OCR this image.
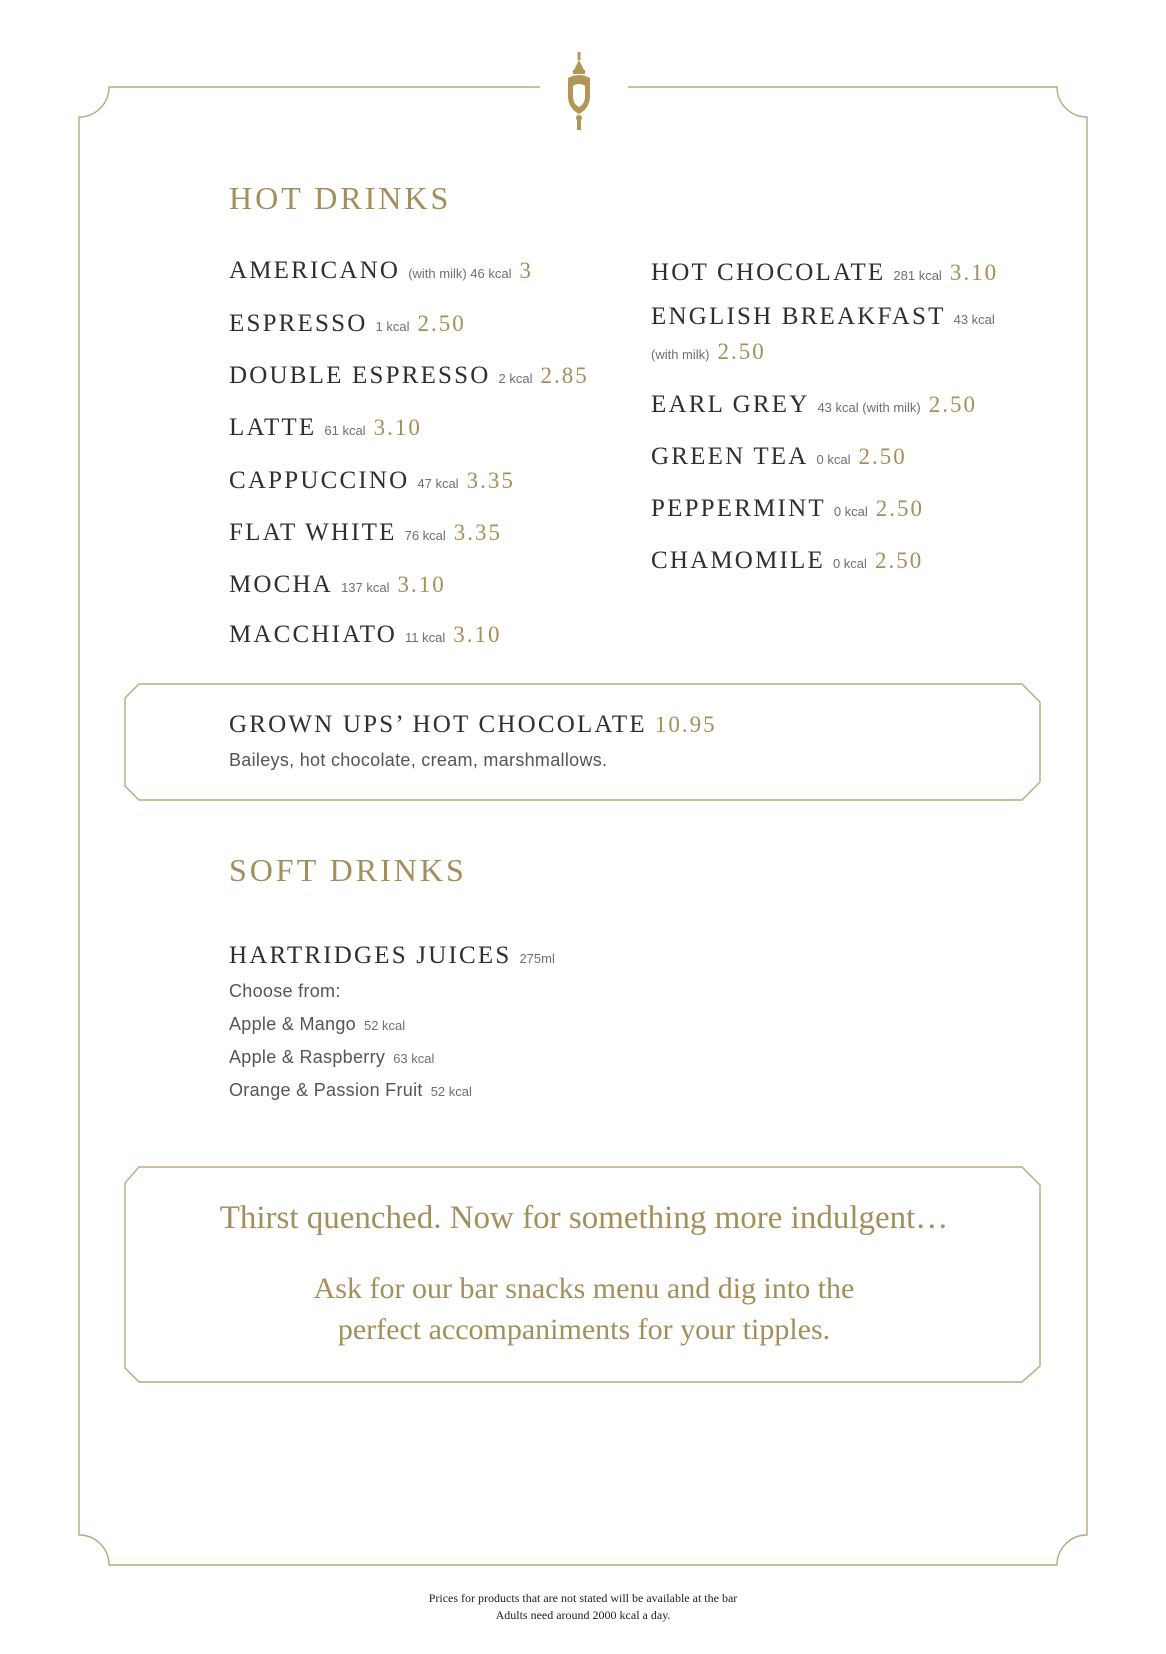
HOT DRINKS
AMERICANO (with milk) 46 kcal 3
ESPRESSO 1 kcal 2.50
DOUBLE ESPRESSO 2 kcal 2.85
LATTE 61 kcal 3.10
CAPPUCCINO 47 kcal 3.35
FLAT WHITE 76 kcal 3.35
MOCHA 137 kcal 3.10
MACCHIATO 11 kcal 3.10
HOT CHOCOLATE 281 kcal 3.10
ENGLISH BREAKFAST 43 kcal
(with milk) 2.50
EARL GREY 43 kcal (with milk) 2.50
GREEN TEA 0 kcal 2.50
PEPPERMINT 0 kcal 2.50
CHAMOMILE 0 kcal 2.50
GROWN UPS’ HOT CHOCOLATE 10.95
Baileys, hot chocolate, cream, marshmallows.
SOFT DRINKS
HARTRIDGES JUICES 275ml
Choose from:
Apple & Mango 52 kcal
Apple & Raspberry 63 kcal
Orange & Passion Fruit 52 kcal
Thirst quenched. Now for something more indulgent…
Ask for our bar snacks menu and dig into the
perfect accompaniments for your tipples.
Prices for products that are not stated will be available at the bar
Adults need around 2000 kcal a day.
